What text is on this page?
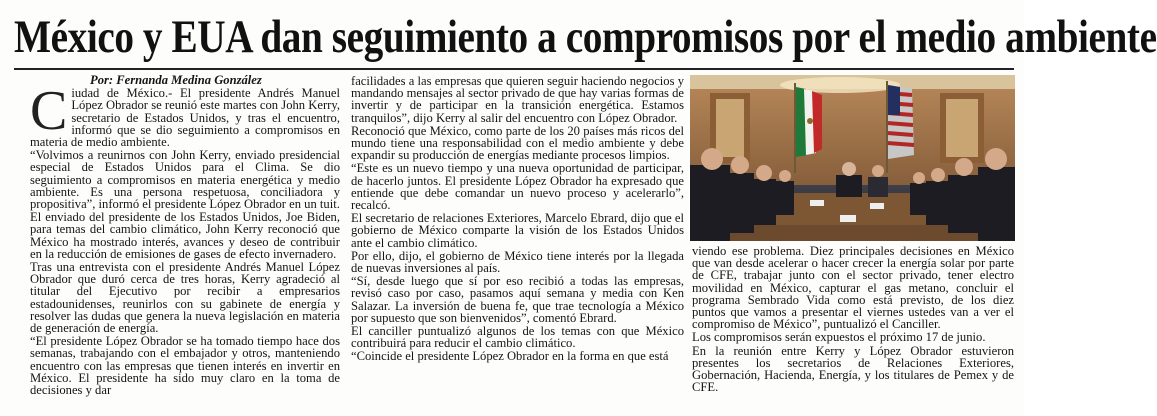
México y EUA dan seguimiento a compromisos por el medio ambiente
Por: Fernanda Medina González
C iudad de México.- El presidente Andrés Manuel López Obrador se reunió este martes con John Kerry, secretario de Estados Unidos, y tras el encuentro, informó que se dio seguimiento a compromisos en materia de medio ambiente.

“Volvimos a reunirnos con John Kerry, enviado presidencial especial de Estados Unidos para el Clima. Se dio seguimiento a compromisos en materia energética y medio ambiente. Es una persona respetuosa, conciliadora y propositiva”, informó el presidente López Obrador en un tuit.

El enviado del presidente de los Estados Unidos, Joe Biden, para temas del cambio climático, John Kerry reconoció que México ha mostrado interés, avances y deseo de contribuir en la reducción de emisiones de gases de efecto invernadero.

Tras una entrevista con el presidente Andrés Manuel López Obrador que duró cerca de tres horas, Kerry agradeció al titular del Ejecutivo por recibir a empresarios estadounidenses, reunirlos con su gabinete de energía y resolver las dudas que genera la nueva legislación en materia de generación de energía.

“El presidente López Obrador se ha tomado tiempo hace dos semanas, trabajando con el embajador y otros, manteniendo encuentro con las empresas que tienen interés en invertir en México. El presidente ha sido muy claro en la toma de decisiones y dar

facilidades a las empresas que quieren seguir haciendo negocios y mandando mensajes al sector privado de que hay varias formas de invertir y de participar en la transición energética. Estamos tranquilos”, dijo Kerry al salir del encuentro con López Obrador.

Reconoció que México, como parte de los 20 países más ricos del mundo tiene una responsabilidad con el medio ambiente y debe expandir su producción de energías mediante procesos limpios.

“Este es un nuevo tiempo y una nueva oportunidad de participar, de hacerlo juntos. El presidente López Obrador ha expresado que entiende que debe comandar un nuevo proceso y acelerarlo”, recalcó.

El secretario de relaciones Exteriores, Marcelo Ebrard, dijo que el gobierno de México comparte la visión de los Estados Unidos ante el cambio climático.

Por ello, dijo, el gobierno de México tiene interés por la llegada de nuevas inversiones al país.

“Sí, desde luego que sí por eso recibió a todas las empresas, revisó caso por caso, pasamos aquí semana y media con Ken Salazar. La inversión de buena fe, que trae tecnología a México por supuesto que son bienvenidos”, comentó Ebrard.

El canciller puntualizó algunos de los temas con que México contribuirá para reducir el cambio climático.

“Coincide el presidente López Obrador en la forma en que está

viendo ese problema. Diez principales decisiones en México que van desde acelerar o hacer crecer la energía solar por parte de CFE, trabajar junto con el sector privado, tener electro movilidad en México, capturar el gas metano, concluir el programa Sembrado Vida como está previsto, de los diez puntos que vamos a presentar el viernes ustedes van a ver el compromiso de México”, puntualizó el Canciller.

Los compromisos serán expuestos el próximo 17 de junio.

En la reunión entre Kerry y López Obrador estuvieron presentes los secretarios de Relaciones Exteriores, Gobernación, Hacienda, Energía, y los titulares de Pemex y de CFE.
